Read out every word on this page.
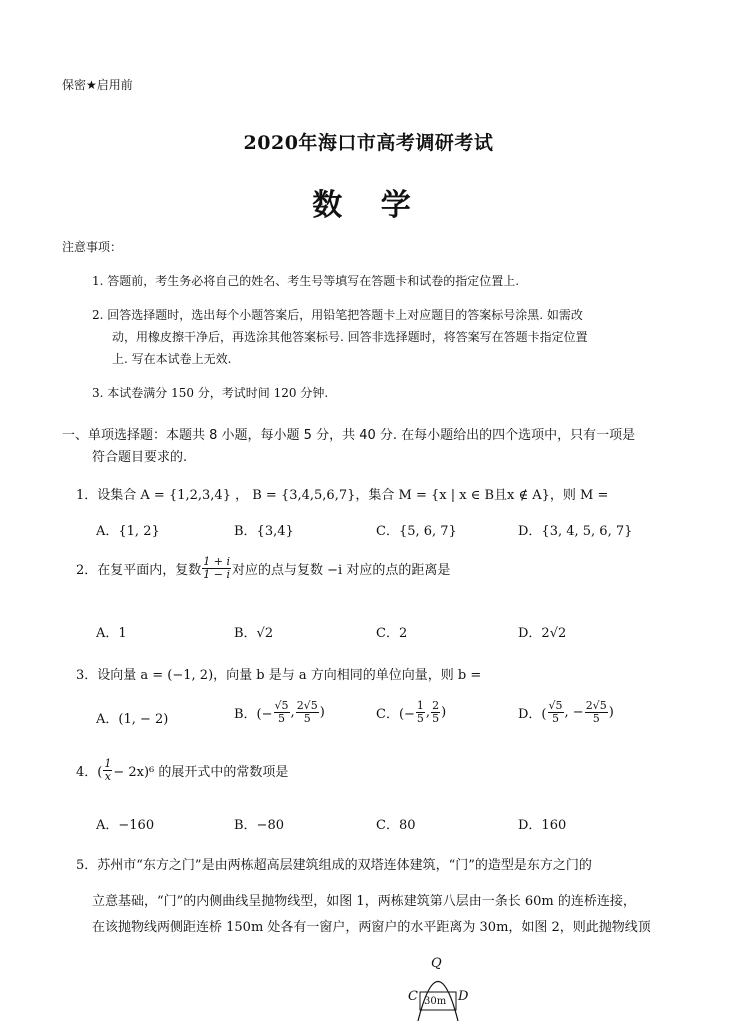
保密★启用前
2020年海口市高考调研考试
数 学
注意事项：
1. 答题前，考生务必将自己的姓名、考生号等填写在答题卡和试卷的指定位置上.
2. 回答选择题时，选出每个小题答案后，用铅笔把答题卡上对应题目的答案标号涂黑. 如需改
动，用橡皮擦干净后，再选涂其他答案标号. 回答非选择题时，将答案写在答题卡指定位置
上. 写在本试卷上无效.
3. 本试卷满分 150 分，考试时间 120 分钟.
一、单项选择题：本题共 8 小题，每小题 5 分，共 40 分. 在每小题给出的四个选项中，只有一项是
符合题目要求的.
1．设集合 A = {1,2,3,4} ， B = {3,4,5,6,7}，集合 M = {x | x ∈ B且x ∉ A}，则 M =
A．{1, 2}	B．{3,4}	C．{5, 6, 7}	D．{3, 4, 5, 6, 7}
2．在复平面内，复数 $\frac{1 + i}{1 - i}$ 对应的点与复数 −i 对应的点的距离是
A．1	B．√2	C．2	D．2√2
3．设向量 a = (−1, 2)，向量 b 是与 a 方向相同的单位向量，则 b =
A．(1, − 2)	B．(− $\frac{√5}{5}$ , $\frac{2√5}{5}$ )	C．(− $\frac{1}{5}$ , $\frac{2}{5}$ )	D．( $\frac{√5}{5}$ , − $\frac{2√5}{5}$ )
4．( $\frac{1}{x} - 2x)^6$ 的展开式中的常数项是
A．−160	B．−80	C．80	D．160
5．苏州市“东方之门”是由两栋超高层建筑组成的双塔连体建筑，“门”的造型是东方之门的
立意基础，“门”的内侧曲线呈抛物线型，如图 1，两栋建筑第八层由一条长 60m 的连桥连接，
在该抛物线两侧距连桥 150m 处各有一窗户，两窗户的水平距离为 30m，如图 2，则此抛物线顶
Q
C	D
30m
